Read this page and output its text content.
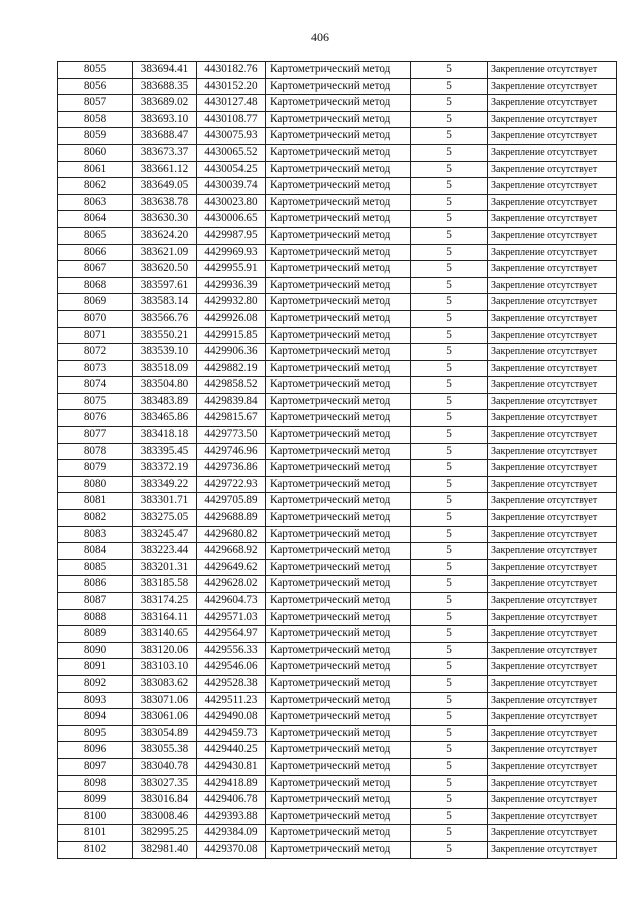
406
8055	383694.41	4430182.76	Картометрический метод	5	Закрепление отсутствует
8056	383688.35	4430152.20	Картометрический метод	5	Закрепление отсутствует
8057	383689.02	4430127.48	Картометрический метод	5	Закрепление отсутствует
8058	383693.10	4430108.77	Картометрический метод	5	Закрепление отсутствует
8059	383688.47	4430075.93	Картометрический метод	5	Закрепление отсутствует
8060	383673.37	4430065.52	Картометрический метод	5	Закрепление отсутствует
8061	383661.12	4430054.25	Картометрический метод	5	Закрепление отсутствует
8062	383649.05	4430039.74	Картометрический метод	5	Закрепление отсутствует
8063	383638.78	4430023.80	Картометрический метод	5	Закрепление отсутствует
8064	383630.30	4430006.65	Картометрический метод	5	Закрепление отсутствует
8065	383624.20	4429987.95	Картометрический метод	5	Закрепление отсутствует
8066	383621.09	4429969.93	Картометрический метод	5	Закрепление отсутствует
8067	383620.50	4429955.91	Картометрический метод	5	Закрепление отсутствует
8068	383597.61	4429936.39	Картометрический метод	5	Закрепление отсутствует
8069	383583.14	4429932.80	Картометрический метод	5	Закрепление отсутствует
8070	383566.76	4429926.08	Картометрический метод	5	Закрепление отсутствует
8071	383550.21	4429915.85	Картометрический метод	5	Закрепление отсутствует
8072	383539.10	4429906.36	Картометрический метод	5	Закрепление отсутствует
8073	383518.09	4429882.19	Картометрический метод	5	Закрепление отсутствует
8074	383504.80	4429858.52	Картометрический метод	5	Закрепление отсутствует
8075	383483.89	4429839.84	Картометрический метод	5	Закрепление отсутствует
8076	383465.86	4429815.67	Картометрический метод	5	Закрепление отсутствует
8077	383418.18	4429773.50	Картометрический метод	5	Закрепление отсутствует
8078	383395.45	4429746.96	Картометрический метод	5	Закрепление отсутствует
8079	383372.19	4429736.86	Картометрический метод	5	Закрепление отсутствует
8080	383349.22	4429722.93	Картометрический метод	5	Закрепление отсутствует
8081	383301.71	4429705.89	Картометрический метод	5	Закрепление отсутствует
8082	383275.05	4429688.89	Картометрический метод	5	Закрепление отсутствует
8083	383245.47	4429680.82	Картометрический метод	5	Закрепление отсутствует
8084	383223.44	4429668.92	Картометрический метод	5	Закрепление отсутствует
8085	383201.31	4429649.62	Картометрический метод	5	Закрепление отсутствует
8086	383185.58	4429628.02	Картометрический метод	5	Закрепление отсутствует
8087	383174.25	4429604.73	Картометрический метод	5	Закрепление отсутствует
8088	383164.11	4429571.03	Картометрический метод	5	Закрепление отсутствует
8089	383140.65	4429564.97	Картометрический метод	5	Закрепление отсутствует
8090	383120.06	4429556.33	Картометрический метод	5	Закрепление отсутствует
8091	383103.10	4429546.06	Картометрический метод	5	Закрепление отсутствует
8092	383083.62	4429528.38	Картометрический метод	5	Закрепление отсутствует
8093	383071.06	4429511.23	Картометрический метод	5	Закрепление отсутствует
8094	383061.06	4429490.08	Картометрический метод	5	Закрепление отсутствует
8095	383054.89	4429459.73	Картометрический метод	5	Закрепление отсутствует
8096	383055.38	4429440.25	Картометрический метод	5	Закрепление отсутствует
8097	383040.78	4429430.81	Картометрический метод	5	Закрепление отсутствует
8098	383027.35	4429418.89	Картометрический метод	5	Закрепление отсутствует
8099	383016.84	4429406.78	Картометрический метод	5	Закрепление отсутствует
8100	383008.46	4429393.88	Картометрический метод	5	Закрепление отсутствует
8101	382995.25	4429384.09	Картометрический метод	5	Закрепление отсутствует
8102	382981.40	4429370.08	Картометрический метод	5	Закрепление отсутствует
